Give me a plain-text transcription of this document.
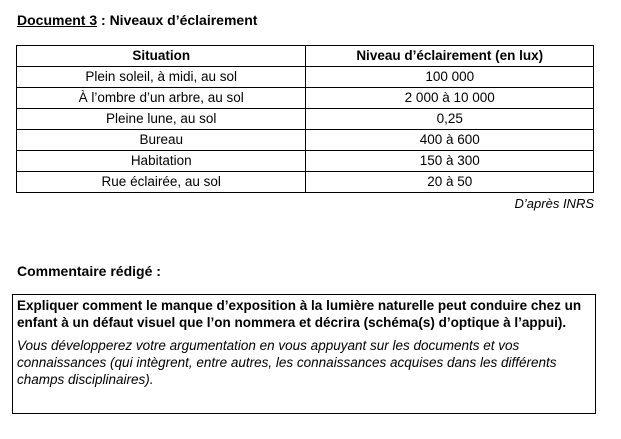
Document 3 : Niveaux d’éclairement
Situation	Niveau d’éclairement (en lux)
Plein soleil, à midi, au sol	100 000
À l’ombre d’un arbre, au sol	2 000 à 10 000
Pleine lune, au sol	0,25
Bureau	400 à 600
Habitation	150 à 300
Rue éclairée, au sol	20 à 50
D’après INRS
Commentaire rédigé :

Expliquer comment le manque d’exposition à la lumière naturelle peut conduire chez un enfant à un défaut visuel que l’on nommera et décrira (schéma(s) d’optique à l’appui).

Vous développerez votre argumentation en vous appuyant sur les documents et vos connaissances (qui intègrent, entre autres, les connaissances acquises dans les différents champs disciplinaires).
